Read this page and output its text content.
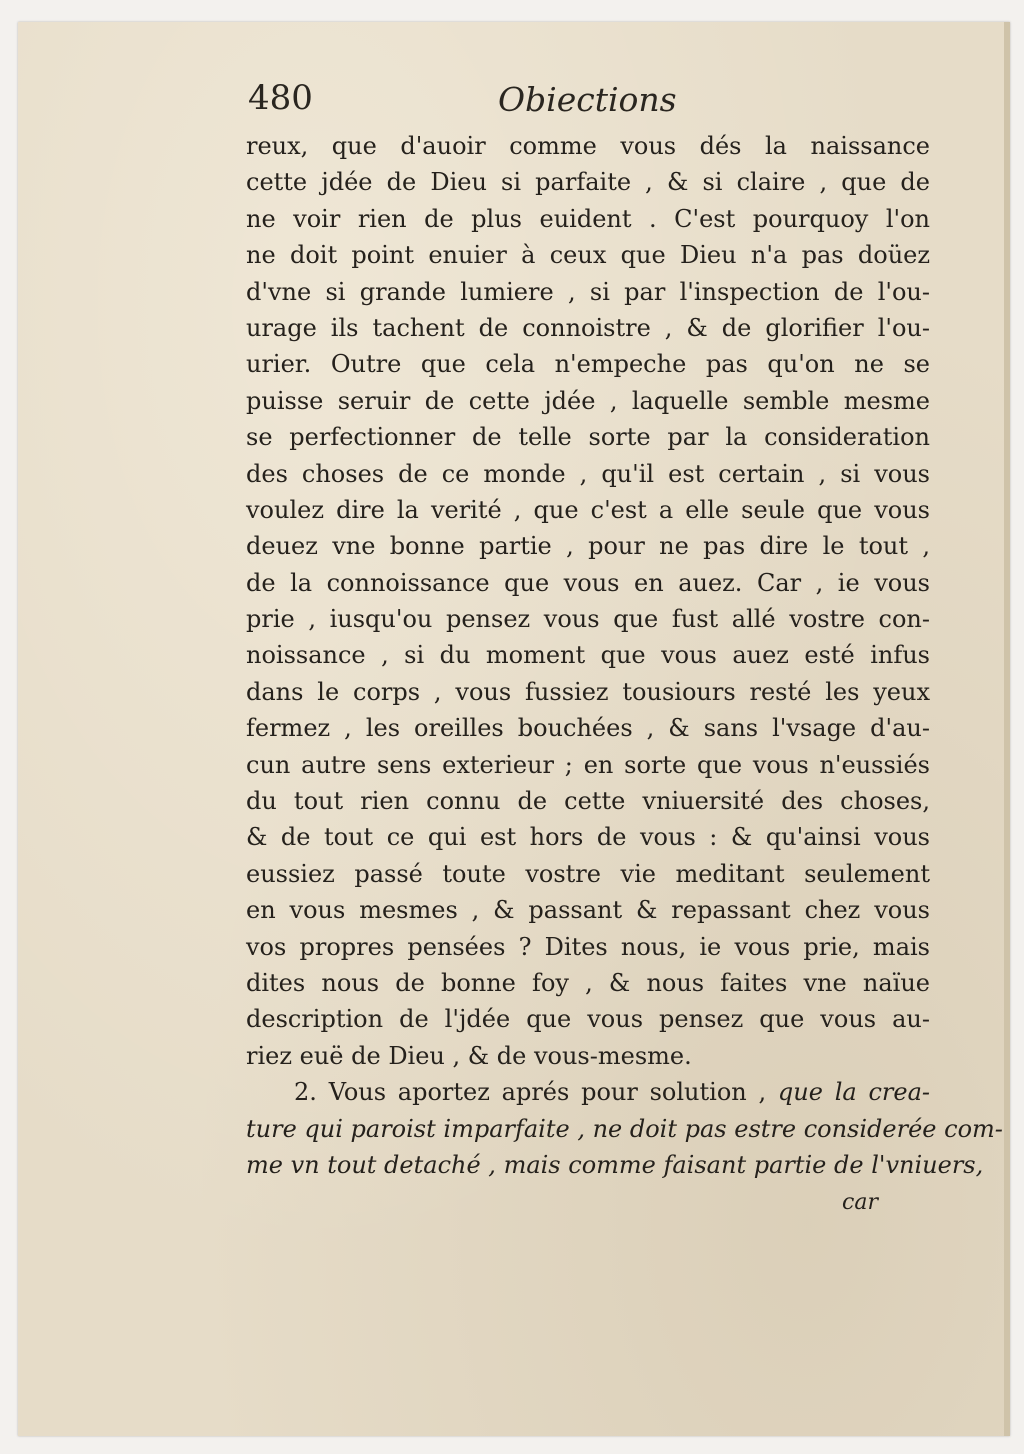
480	Obiections
reux, que d'auoir comme vous dés la naissance
cette jdée de Dieu si parfaite , & si claire , que de
ne voir rien de plus euident . C'est pourquoy l'on
ne doit point enuier à ceux que Dieu n'a pas doüez
d'vne si grande lumiere , si par l'inspection de l'ou-
urage ils tachent de connoistre , & de glorifier l'ou-
urier. Outre que cela n'empeche pas qu'on ne se
puisse seruir de cette jdée , laquelle semble mesme
se perfectionner de telle sorte par la consideration
des choses de ce monde , qu'il est certain , si vous
voulez dire la verité , que c'est a elle seule que vous
deuez vne bonne partie , pour ne pas dire le tout ,
de la connoissance que vous en auez. Car , ie vous
prie , iusqu'ou pensez vous que fust allé vostre con-
noissance , si du moment que vous auez esté infus
dans le corps , vous fussiez tousiours resté les yeux
fermez , les oreilles bouchées , & sans l'vsage d'au-
cun autre sens exterieur ; en sorte que vous n'eussiés
du tout rien connu de cette vniuersité des choses,
& de tout ce qui est hors de vous : & qu'ainsi vous
eussiez passé toute vostre vie meditant seulement
en vous mesmes , & passant & repassant chez vous
vos propres pensées ? Dites nous, ie vous prie, mais
dites nous de bonne foy , & nous faites vne naïue
description de l'jdée que vous pensez que vous au-
riez euë de Dieu , & de vous-mesme.
2. Vous aportez aprés pour solution , que la crea-
ture qui paroist imparfaite , ne doit pas estre considerée com-
me vn tout detaché , mais comme faisant partie de l'vniuers,
car
